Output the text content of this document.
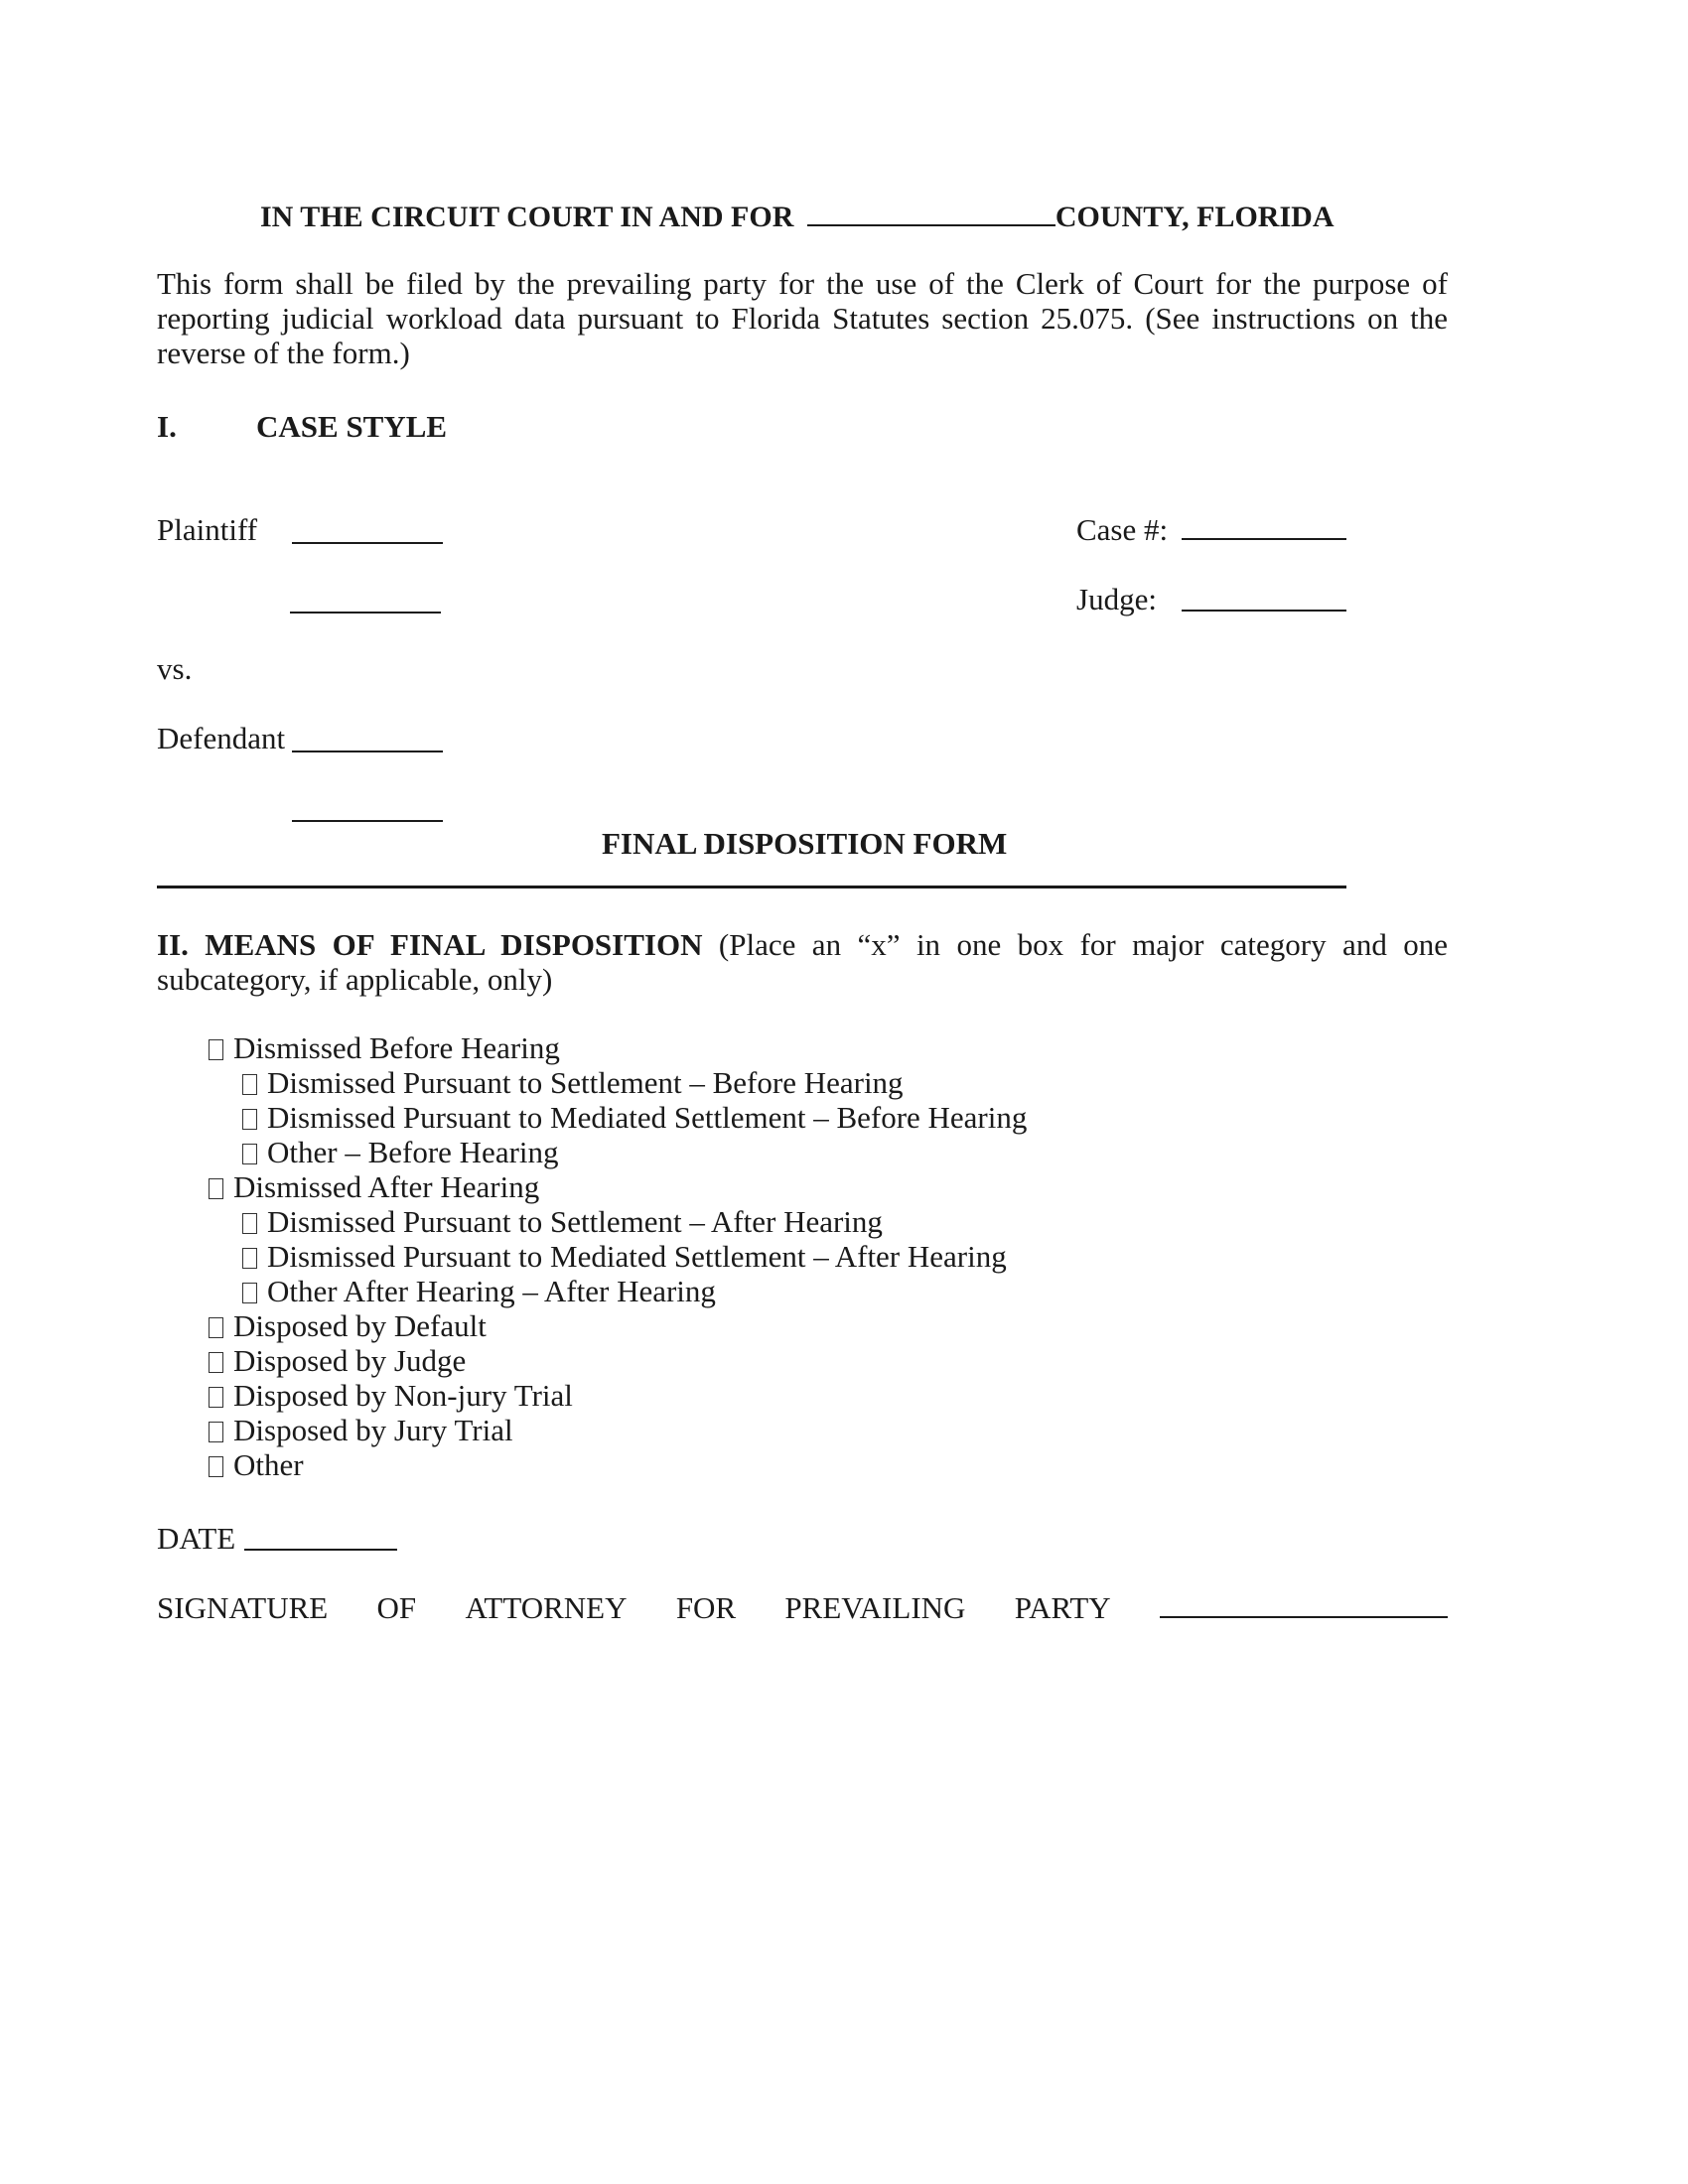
IN THE CIRCUIT COURT IN AND FOR	COUNTY, FLORIDA
This form shall be filed by the prevailing party for the use of the Clerk of Court for the purpose of reporting judicial workload data pursuant to Florida Statutes section 25.075. (See instructions on the reverse of the form.)
I.	CASE STYLE
Plaintiff	Case #:
Judge:
vs.
Defendant
FINAL DISPOSITION FORM
II. MEANS OF FINAL DISPOSITION (Place an “x” in one box for major category and one subcategory, if applicable, only)
Dismissed Before Hearing
Dismissed Pursuant to Settlement – Before Hearing
Dismissed Pursuant to Mediated Settlement – Before Hearing
Other – Before Hearing
Dismissed After Hearing
Dismissed Pursuant to Settlement – After Hearing
Dismissed Pursuant to Mediated Settlement – After Hearing
Other After Hearing – After Hearing
Disposed by Default
Disposed by Judge
Disposed by Non-jury Trial
Disposed by Jury Trial
Other
DATE
SIGNATURE OF ATTORNEY FOR PREVAILING PARTY
